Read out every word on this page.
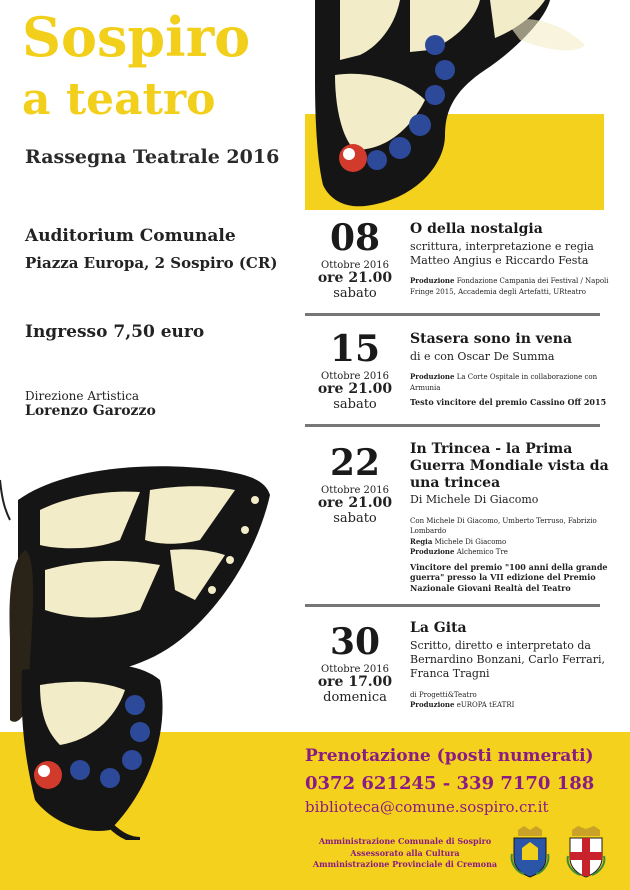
Sospiro
a teatro
Rassegna Teatrale 2016
Auditorium Comunale
Piazza Europa, 2 Sospiro (CR)
Ingresso 7,50 euro
Direzione Artistica
Lorenzo Garozzo
08
Ottobre 2016
ore 21.00
sabato
O della nostalgia
scrittura, interpretazione e regia Matteo Angius e Riccardo Festa
Produzione Fondazione Campania dei Festival / Napoli Fringe 2015, Accademia degli Artefatti, URteatro
15
Ottobre 2016
ore 21.00
sabato
Stasera sono in vena
di e con Oscar De Summa
Produzione La Corte Ospitale in collaborazione con Armunia
Testo vincitore del premio Cassino Off 2015
22
Ottobre 2016
ore 21.00
sabato
In Trincea - la Prima Guerra Mondiale vista da una trincea
Di Michele Di Giacomo
Con Michele Di Giacomo, Umberto Terruso, Fabrizio Lombardo
Regia Michele Di Giacomo
Produzione Alchemico Tre
Vincitore del premio "100 anni della grande guerra" presso la VII edizione del Premio Nazionale Giovani Realtà del Teatro
30
Ottobre 2016
ore 17.00
domenica
La Gita
Scritto, diretto e interpretato da Bernardino Bonzani, Carlo Ferrari, Franca Tragni
di Progetti&Teatro
Produzione eUROPA tEATRI
Prenotazione (posti numerati)
0372 621245 - 339 7170 188
biblioteca@comune.sospiro.cr.it
Amministrazione Comunale di Sospiro
Assessorato alla Cultura
Amministrazione Provinciale di Cremona
